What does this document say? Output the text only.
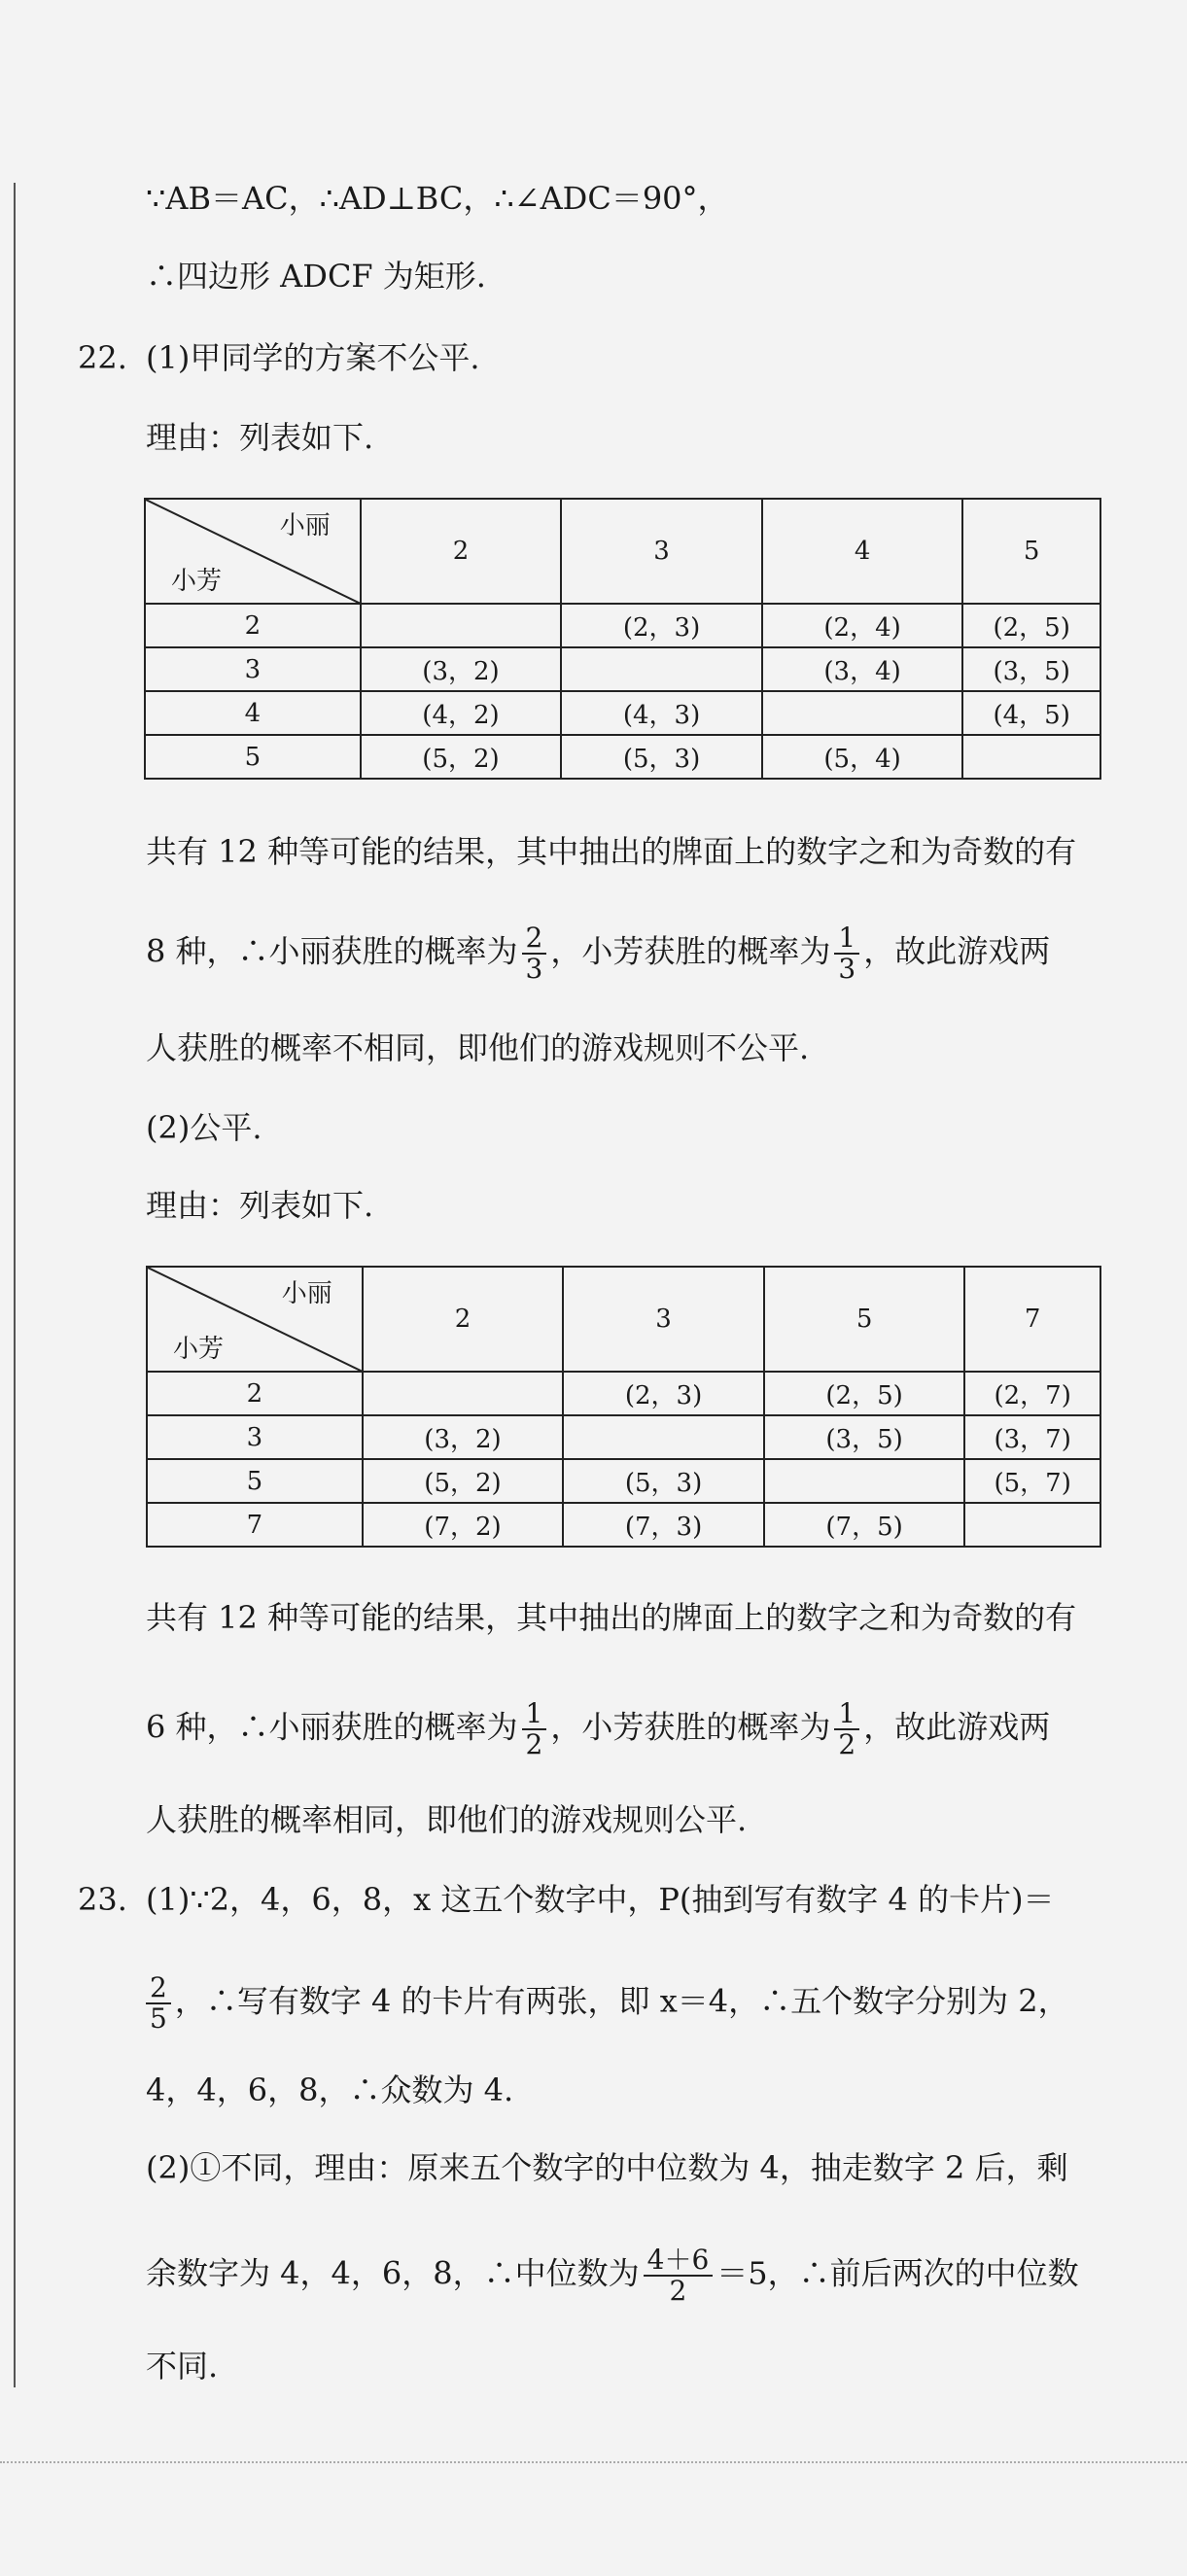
∵AB＝AC，∴AD⊥BC，∴∠ADC＝90°，
∴四边形 ADCF 为矩形.
22. (1)甲同学的方案不公平.
理由：列表如下.
小丽
小芳	2	3	4	5
2		(2，3)	(2，4)	(2，5)
3	(3，2)		(3，4)	(3，5)
4	(4，2)	(4，3)		(4，5)
5	(5，2)	(5，3)	(5，4)	
共有 12 种等可能的结果，其中抽出的牌面上的数字之和为奇数的有
8 种，∴小丽获胜的概率为 $\frac{2}{3}$ ，小芳获胜的概率为 $\frac{1}{3}$ ，故此游戏两
人获胜的概率不相同，即他们的游戏规则不公平.
(2)公平.
理由：列表如下.
小丽
小芳	2	3	5	7
2		(2，3)	(2，5)	(2，7)
3	(3，2)		(3，5)	(3，7)
5	(5，2)	(5，3)		(5，7)
7	(7，2)	(7，3)	(7，5)	
共有 12 种等可能的结果，其中抽出的牌面上的数字之和为奇数的有
6 种，∴小丽获胜的概率为 $\frac{1}{2}$ ，小芳获胜的概率为 $\frac{1}{2}$ ，故此游戏两
人获胜的概率相同，即他们的游戏规则公平.
23. (1)∵2，4，6，8，x 这五个数字中，P(抽到写有数字 4 的卡片)＝
$\frac{2}{5}$ ，∴写有数字 4 的卡片有两张，即 x＝4，∴五个数字分别为 2，
4，4，6，8，∴众数为 4.
(2)①不同，理由：原来五个数字的中位数为 4，抽走数字 2 后，剩
余数字为 4，4，6，8，∴中位数为 $\frac{4+6}{2} =5$，∴前后两次的中位数
不同.
